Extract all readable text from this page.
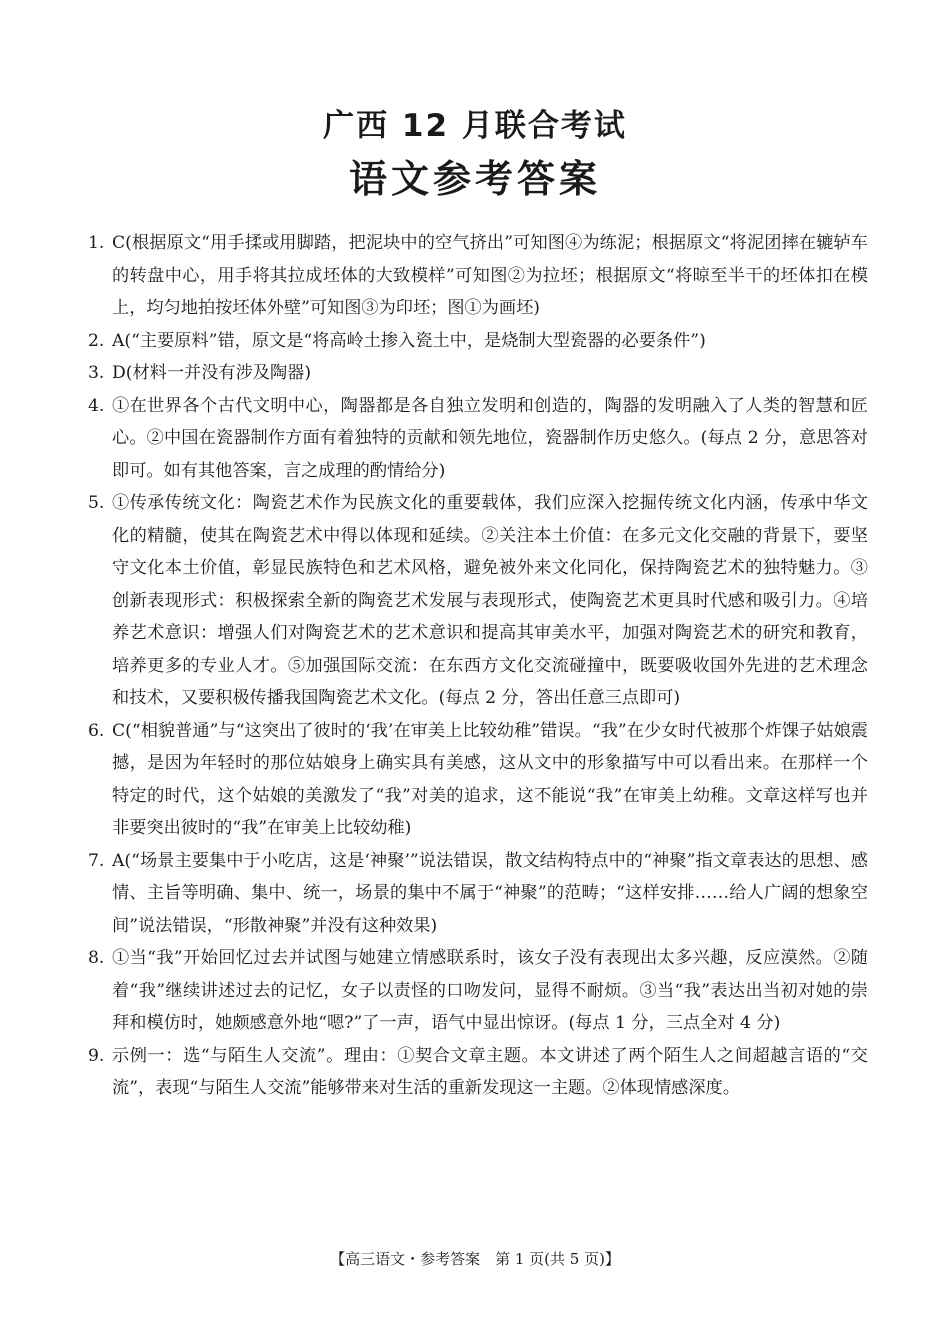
广西 12 月联合考试
语文参考答案
1. C(根据原文“用手揉或用脚踏，把泥块中的空气挤出”可知图④为练泥；根据原文“将泥团摔在辘轳车的转盘中心，用手将其拉成坯体的大致模样”可知图②为拉坯；根据原文“将晾至半干的坯体扣在模上，均匀地拍按坯体外壁”可知图③为印坯；图①为画坯)
2. A(“主要原料”错，原文是“将高岭土掺入瓷土中，是烧制大型瓷器的必要条件”)
3. D(材料一并没有涉及陶器)
4. ①在世界各个古代文明中心，陶器都是各自独立发明和创造的，陶器的发明融入了人类的智慧和匠心。②中国在瓷器制作方面有着独特的贡献和领先地位，瓷器制作历史悠久。(每点 2 分，意思答对即可。如有其他答案，言之成理的酌情给分)
5. ①传承传统文化：陶瓷艺术作为民族文化的重要载体，我们应深入挖掘传统文化内涵，传承中华文化的精髓，使其在陶瓷艺术中得以体现和延续。②关注本土价值：在多元文化交融的背景下，要坚守文化本土价值，彰显民族特色和艺术风格，避免被外来文化同化，保持陶瓷艺术的独特魅力。③创新表现形式：积极探索全新的陶瓷艺术发展与表现形式，使陶瓷艺术更具时代感和吸引力。④培养艺术意识：增强人们对陶瓷艺术的艺术意识和提高其审美水平，加强对陶瓷艺术的研究和教育，培养更多的专业人才。⑤加强国际交流：在东西方文化交流碰撞中，既要吸收国外先进的艺术理念和技术，又要积极传播我国陶瓷艺术文化。(每点 2 分，答出任意三点即可)
6. C(“相貌普通”与“这突出了彼时的‘我’在审美上比较幼稚”错误。“我”在少女时代被那个炸馃子姑娘震撼，是因为年轻时的那位姑娘身上确实具有美感，这从文中的形象描写中可以看出来。在那样一个特定的时代，这个姑娘的美激发了“我”对美的追求，这不能说“我”在审美上幼稚。文章这样写也并非要突出彼时的“我”在审美上比较幼稚)
7. A(“场景主要集中于小吃店，这是‘神聚’”说法错误，散文结构特点中的“神聚”指文章表达的思想、感情、主旨等明确、集中、统一，场景的集中不属于“神聚”的范畴；“这样安排……给人广阔的想象空间”说法错误，“形散神聚”并没有这种效果)
8. ①当“我”开始回忆过去并试图与她建立情感联系时，该女子没有表现出太多兴趣，反应漠然。②随着“我”继续讲述过去的记忆，女子以责怪的口吻发问，显得不耐烦。③当“我”表达出当初对她的崇拜和模仿时，她颇感意外地“嗯?”了一声，语气中显出惊讶。(每点 1 分，三点全对 4 分)
9. 示例一：选“与陌生人交流”。理由：①契合文章主题。本文讲述了两个陌生人之间超越言语的“交流”，表现“与陌生人交流”能够带来对生活的重新发现这一主题。②体现情感深度。
【高三语文・参考答案　第 1 页(共 5 页)】
